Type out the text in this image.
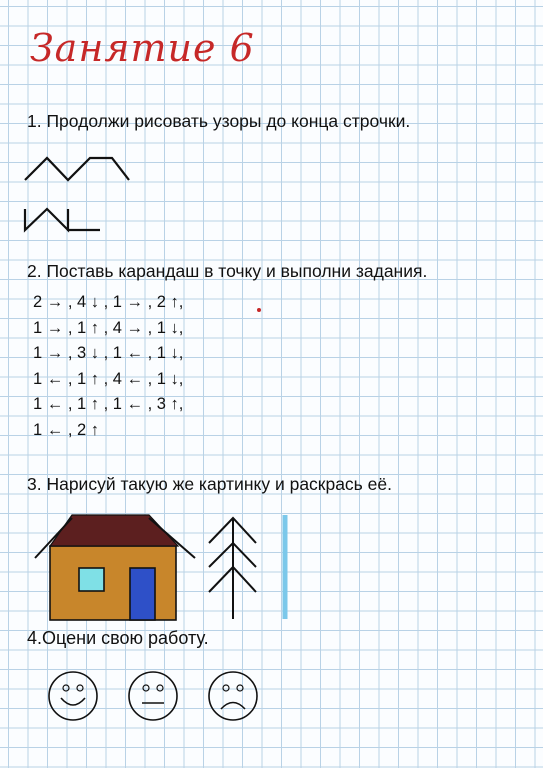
Занятие 6
1. Продолжи рисовать узоры до конца строчки.
2. Поставь карандаш в точку и выполни задания.
2 → , 4 ↓ , 1 → , 2 ↑,
1 → , 1 ↑ , 4 → , 1 ↓,
1 → , 3 ↓ , 1 ← , 1 ↓,
1 ← , 1 ↑ , 4 ← , 1 ↓,
1 ← , 1 ↑ , 1 ← , 3 ↑,
1 ← , 2 ↑
3. Нарисуй такую же картинку и раскрась её.
4.Оцени свою работу.
